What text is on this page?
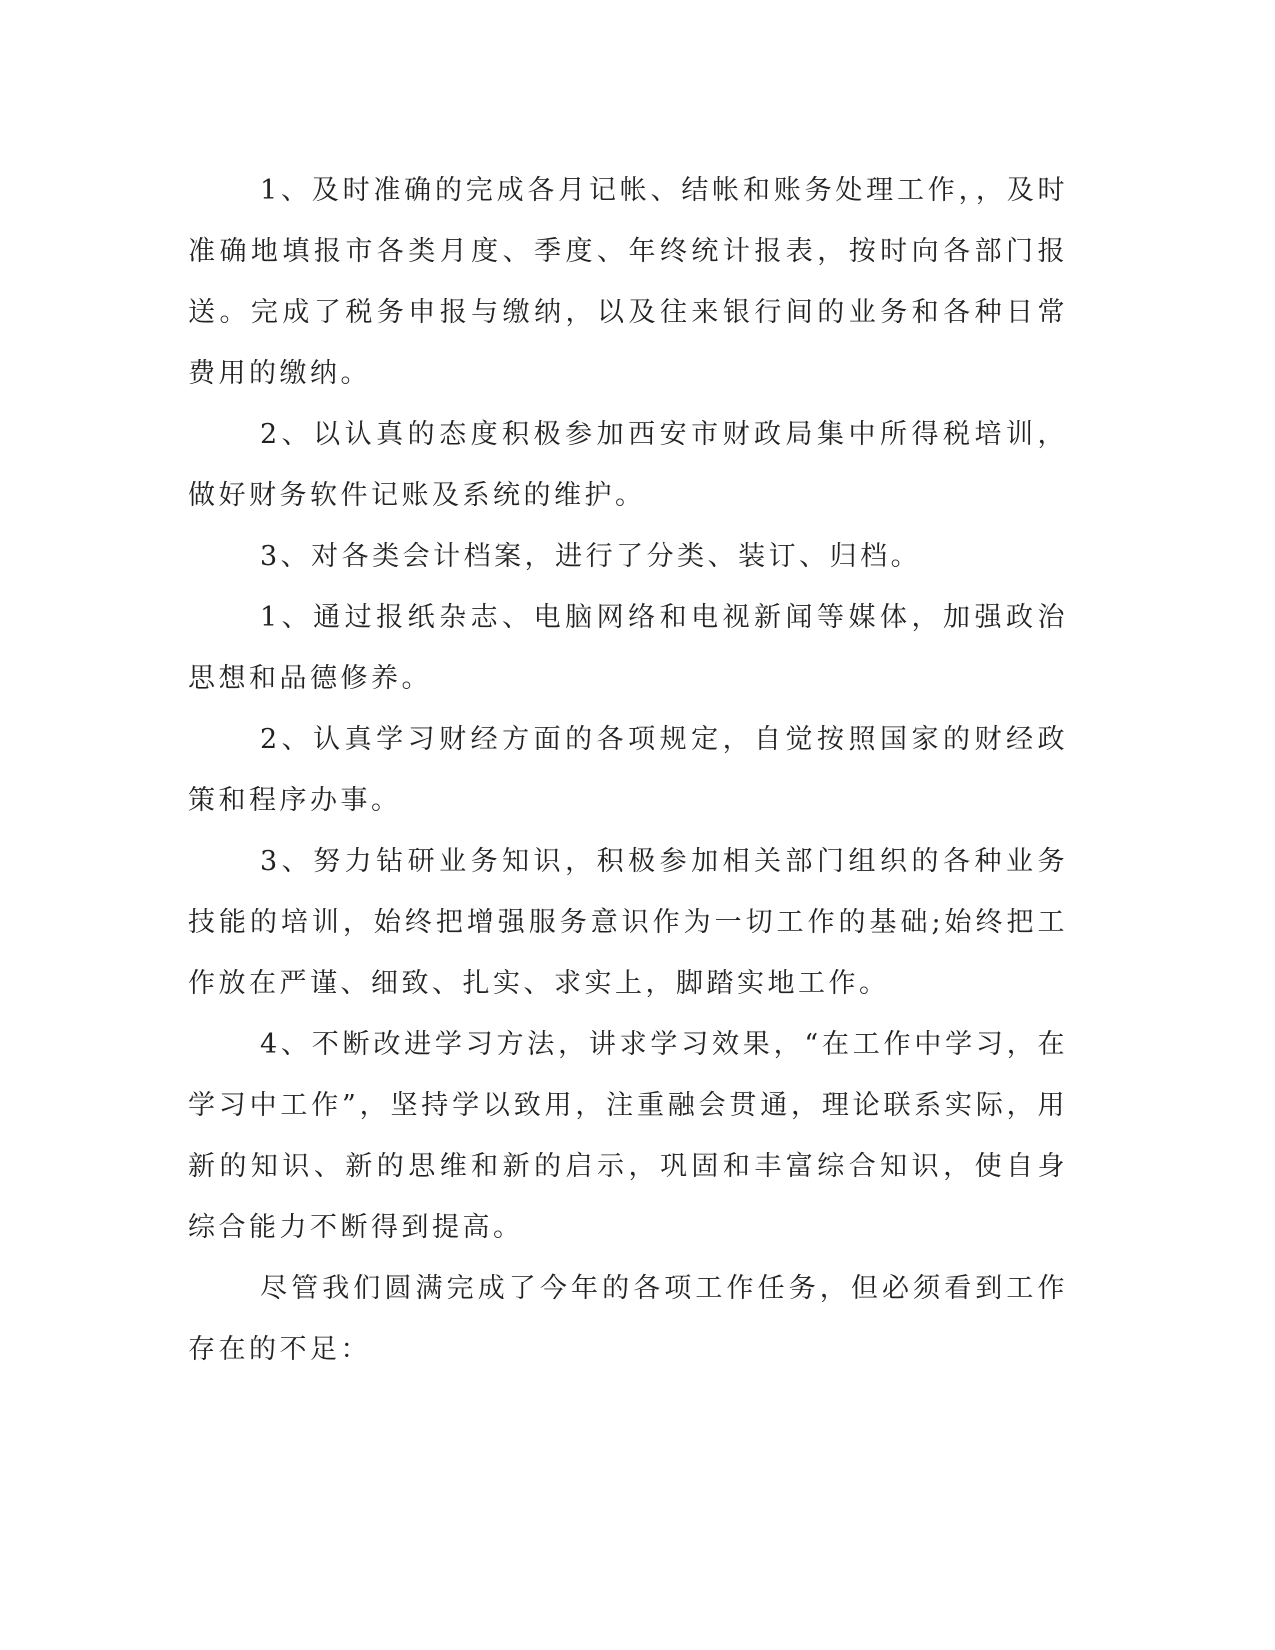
1、及时准确的完成各月记帐、结帐和账务处理工作，，及时准确地填报市各类月度、季度、年终统计报表，按时向各部门报送。完成了税务申报与缴纳，以及往来银行间的业务和各种日常费用的缴纳。

2、以认真的态度积极参加西安市财政局集中所得税培训，做好财务软件记账及系统的维护。

3、对各类会计档案，进行了分类、装订、归档。

1、通过报纸杂志、电脑网络和电视新闻等媒体，加强政治思想和品德修养。

2、认真学习财经方面的各项规定，自觉按照国家的财经政策和程序办事。

3、努力钻研业务知识，积极参加相关部门组织的各种业务技能的培训，始终把增强服务意识作为一切工作的基础;始终把工作放在严谨、细致、扎实、求实上，脚踏实地工作。

4、不断改进学习方法，讲求学习效果，“在工作中学习，在学习中工作”，坚持学以致用，注重融会贯通，理论联系实际，用新的知识、新的思维和新的启示，巩固和丰富综合知识，使自身综合能力不断得到提高。

尽管我们圆满完成了今年的各项工作任务，但必须看到工作存在的不足：
